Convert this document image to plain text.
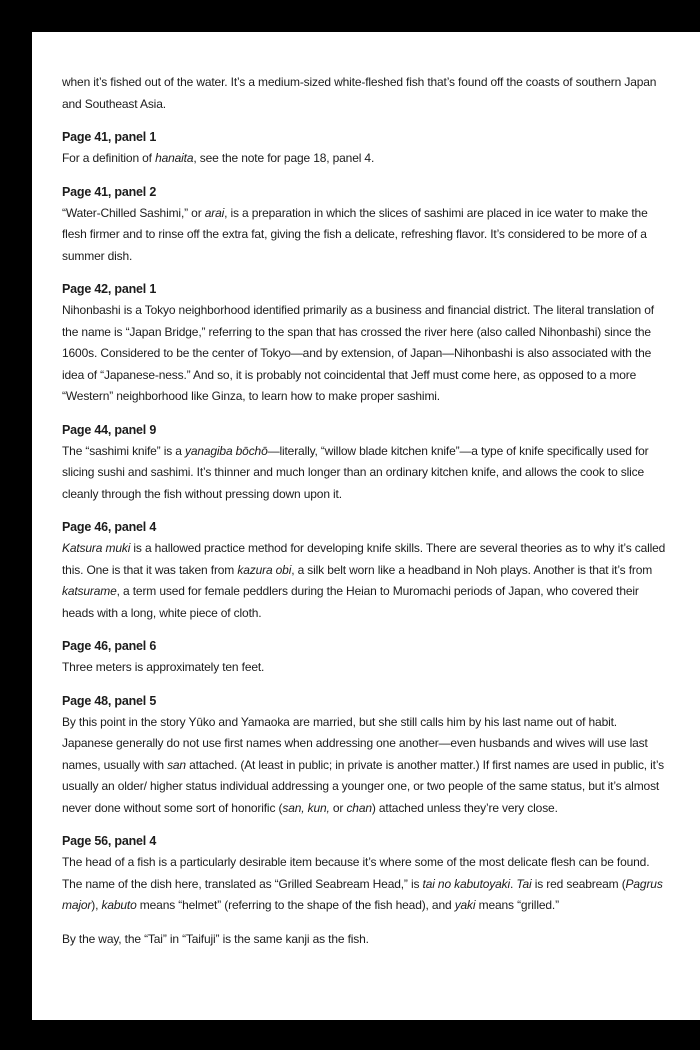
when it’s fished out of the water. It’s a medium-sized white-fleshed fish that’s found off the coasts of southern Japan and Southeast Asia.

Page 41, panel 1

For a definition of hanaita, see the note for page 18, panel 4.

Page 41, panel 2

“Water-Chilled Sashimi,” or arai, is a preparation in which the slices of sashimi are placed in ice water to make the flesh firmer and to rinse off the extra fat, giving the fish a delicate, refreshing flavor. It’s considered to be more of a summer dish.

Page 42, panel 1

Nihonbashi is a Tokyo neighborhood identified primarily as a business and financial district. The literal translation of the name is “Japan Bridge,” referring to the span that has crossed the river here (also called Nihonbashi) since the 1600s. Considered to be the center of Tokyo—and by extension, of Japan—Nihonbashi is also associated with the idea of “Japanese-ness.” And so, it is probably not coincidental that Jeff must come here, as opposed to a more “Western” neighborhood like Ginza, to learn how to make proper sashimi.

Page 44, panel 9

The “sashimi knife” is a yanagiba bōchō—literally, “willow blade kitchen knife”—a type of knife specifically used for slicing sushi and sashimi. It’s thinner and much longer than an ordinary kitchen knife, and allows the cook to slice cleanly through the fish without pressing down upon it.

Page 46, panel 4

Katsura muki is a hallowed practice method for developing knife skills. There are several theories as to why it’s called this. One is that it was taken from kazura obi, a silk belt worn like a headband in Noh plays. Another is that it’s from katsurame, a term used for female peddlers during the Heian to Muromachi periods of Japan, who covered their heads with a long, white piece of cloth.

Page 46, panel 6

Three meters is approximately ten feet.

Page 48, panel 5

By this point in the story Yūko and Yamaoka are married, but she still calls him by his last name out of habit. Japanese generally do not use first names when addressing one another—even husbands and wives will use last names, usually with san attached. (At least in public; in private is another matter.) If first names are used in public, it’s usually an older/ higher status individual addressing a younger one, or two people of the same status, but it’s almost never done without some sort of honorific (san, kun, or chan) attached unless they’re very close.

Page 56, panel 4

The head of a fish is a particularly desirable item because it’s where some of the most delicate flesh can be found. The name of the dish here, translated as “Grilled Seabream Head,” is tai no kabutoyaki. Tai is red seabream (Pagrus major), kabuto means “helmet” (referring to the shape of the fish head), and yaki means “grilled.”

By the way, the “Tai” in “Taifuji” is the same kanji as the fish.
